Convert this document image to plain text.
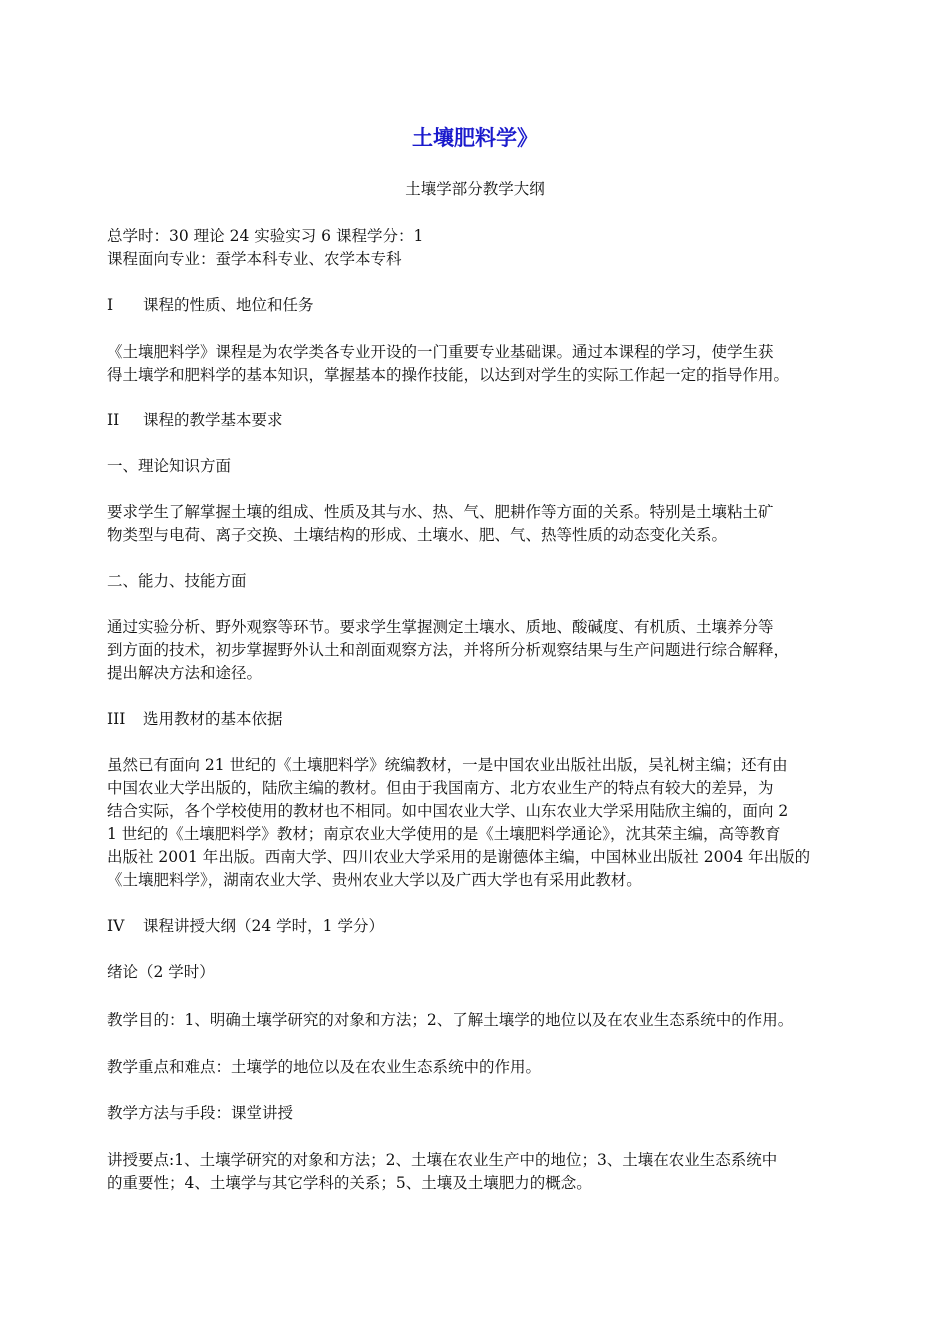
土壤肥料学》
土壤学部分教学大纲
总学时：30 理论 24 实验实习 6 课程学分：1
课程面向专业：蚕学本科专业、农学本专科
I 课程的性质、地位和任务
《土壤肥料学》课程是为农学类各专业开设的一门重要专业基础课。通过本课程的学习，使学生获
得土壤学和肥料学的基本知识，掌握基本的操作技能，以达到对学生的实际工作起一定的指导作用。
II 课程的教学基本要求
一、理论知识方面
要求学生了解掌握土壤的组成、性质及其与水、热、气、肥耕作等方面的关系。特别是土壤粘土矿
物类型与电荷、离子交换、土壤结构的形成、土壤水、肥、气、热等性质的动态变化关系。
二、能力、技能方面
通过实验分析、野外观察等环节。要求学生掌握测定土壤水、质地、酸碱度、有机质、土壤养分等
到方面的技术，初步掌握野外认土和剖面观察方法，并将所分析观察结果与生产问题进行综合解释，
提出解决方法和途径。
III 选用教材的基本依据
虽然已有面向 21 世纪的《土壤肥料学》统编教材，一是中国农业出版社出版，吴礼树主编；还有由
中国农业大学出版的，陆欣主编的教材。但由于我国南方、北方农业生产的特点有较大的差异，为
结合实际，各个学校使用的教材也不相同。如中国农业大学、山东农业大学采用陆欣主编的，面向 2
1 世纪的《土壤肥料学》教材；南京农业大学使用的是《土壤肥料学通论》，沈其荣主编，高等教育
出版社 2001 年出版。西南大学、四川农业大学采用的是谢德体主编，中国林业出版社 2004 年出版的
《土壤肥料学》，湖南农业大学、贵州农业大学以及广西大学也有采用此教材。
IV 课程讲授大纲（24 学时，1 学分）
绪论（2 学时）
教学目的：1、明确土壤学研究的对象和方法；2、了解土壤学的地位以及在农业生态系统中的作用。
教学重点和难点：土壤学的地位以及在农业生态系统中的作用。
教学方法与手段：课堂讲授
讲授要点:1、土壤学研究的对象和方法；2、土壤在农业生产中的地位；3、土壤在农业生态系统中
的重要性；4、土壤学与其它学科的关系；5、土壤及土壤肥力的概念。
